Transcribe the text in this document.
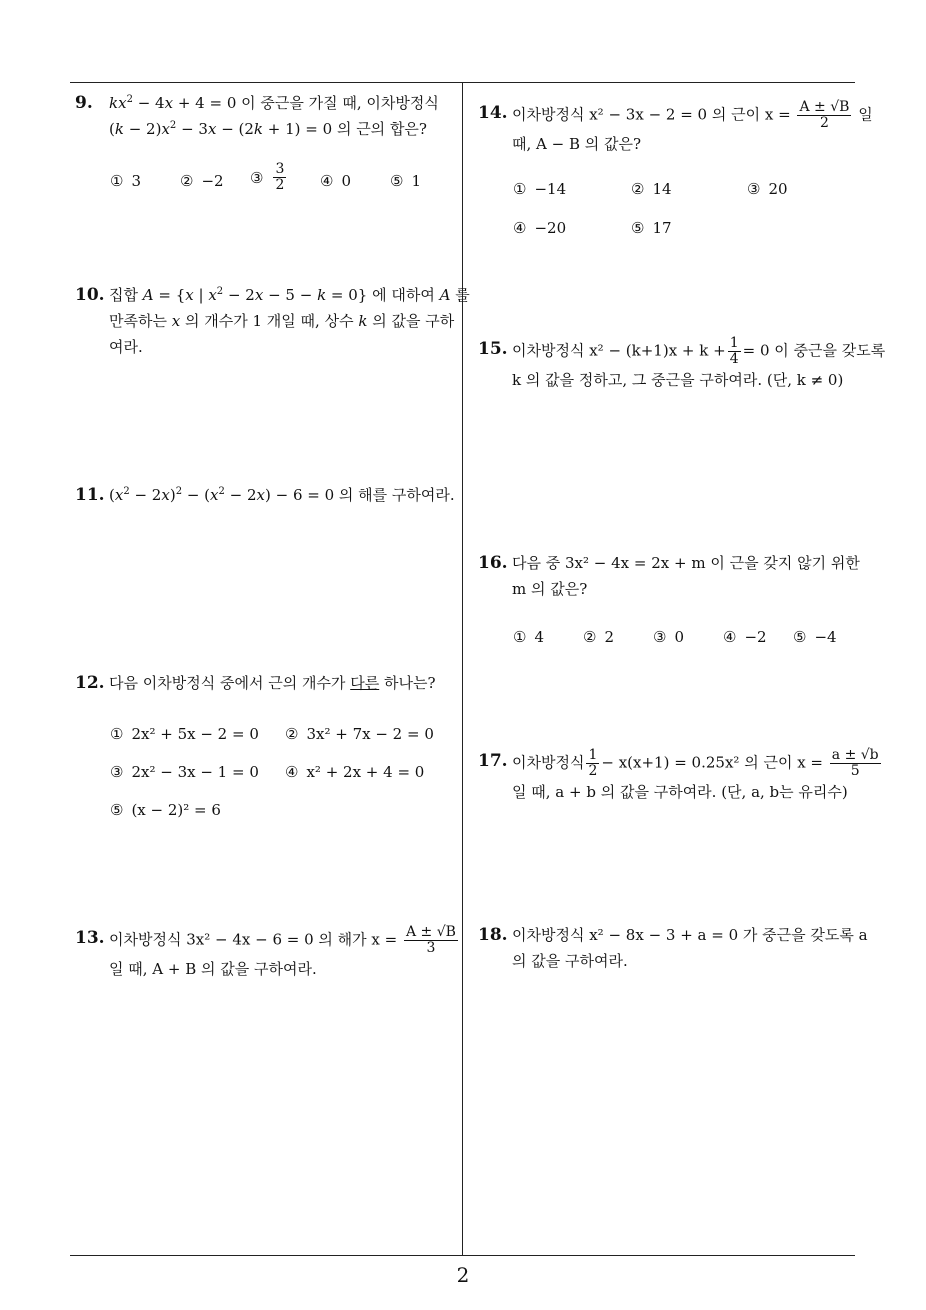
9. $kx^2 - 4x + 4 = 0$ 이 중근을 가질 때, 이차방정식
$(k - 2)x^2 - 3x - (2k + 1) = 0$ 의 근의 합은?
① 3	② −2 ③ $\frac{3}{2}$ ④ 0	⑤ 1
10. 집합 A = {x | $x^2 - 2x - 5 - k = 0$} 에 대하여 A 를
만족하는 x 의 개수가 1 개일 때, 상수 k 의 값을 구하
여라.
11. $(x^2 - 2x)^2 - (x^2 - 2x) - 6 = 0$ 의 해를 구하여라.
12. 다음 이차방정식 중에서 근의 개수가 다른 하나는?
① 2x² + 5x − 2 = 0 ② 3x² + 7x − 2 = 0
③ 2x² − 3x − 1 = 0 ④ x² + 2x + 4 = 0
⑤ (x − 2)² = 6
13. 이차방정식 3x² − 4x − 6 = 0 의 해가 $x = \frac{A \pm √B}{3}$
일 때, A + B 의 값을 구하여라.
14. 이차방정식 x² − 3x − 2 = 0 의 근이 $x = \frac{A \pm √B}{2}$ 일
때, A − B 의 값은?
① −14	② 14	③ 20
④ −20	⑤ 17
15. 이차방정식 $x^2 - (k+1)x + k + \frac{1}{4} = 0$ 이 중근을 갖도록
k 의 값을 정하고, 그 중근을 구하여라. (단, k ≠ 0)
16. 다음 중 3x² − 4x = 2x + m 이 근을 갖지 않기 위한
m 의 값은?
① 4	② 2	③ 0	④ −2 ⑤ −4
17. 이차방정식 $\frac{1}{2} - x(x+1) = 0.25x^2$ 의 근이 $x = \frac{a \pm √b}{5}$
일 때, a + b 의 값을 구하여라. (단, a, b는 유리수)
18. 이차방정식 x² − 8x − 3 + a = 0 가 중근을 갖도록 a
의 값을 구하여라.
2
